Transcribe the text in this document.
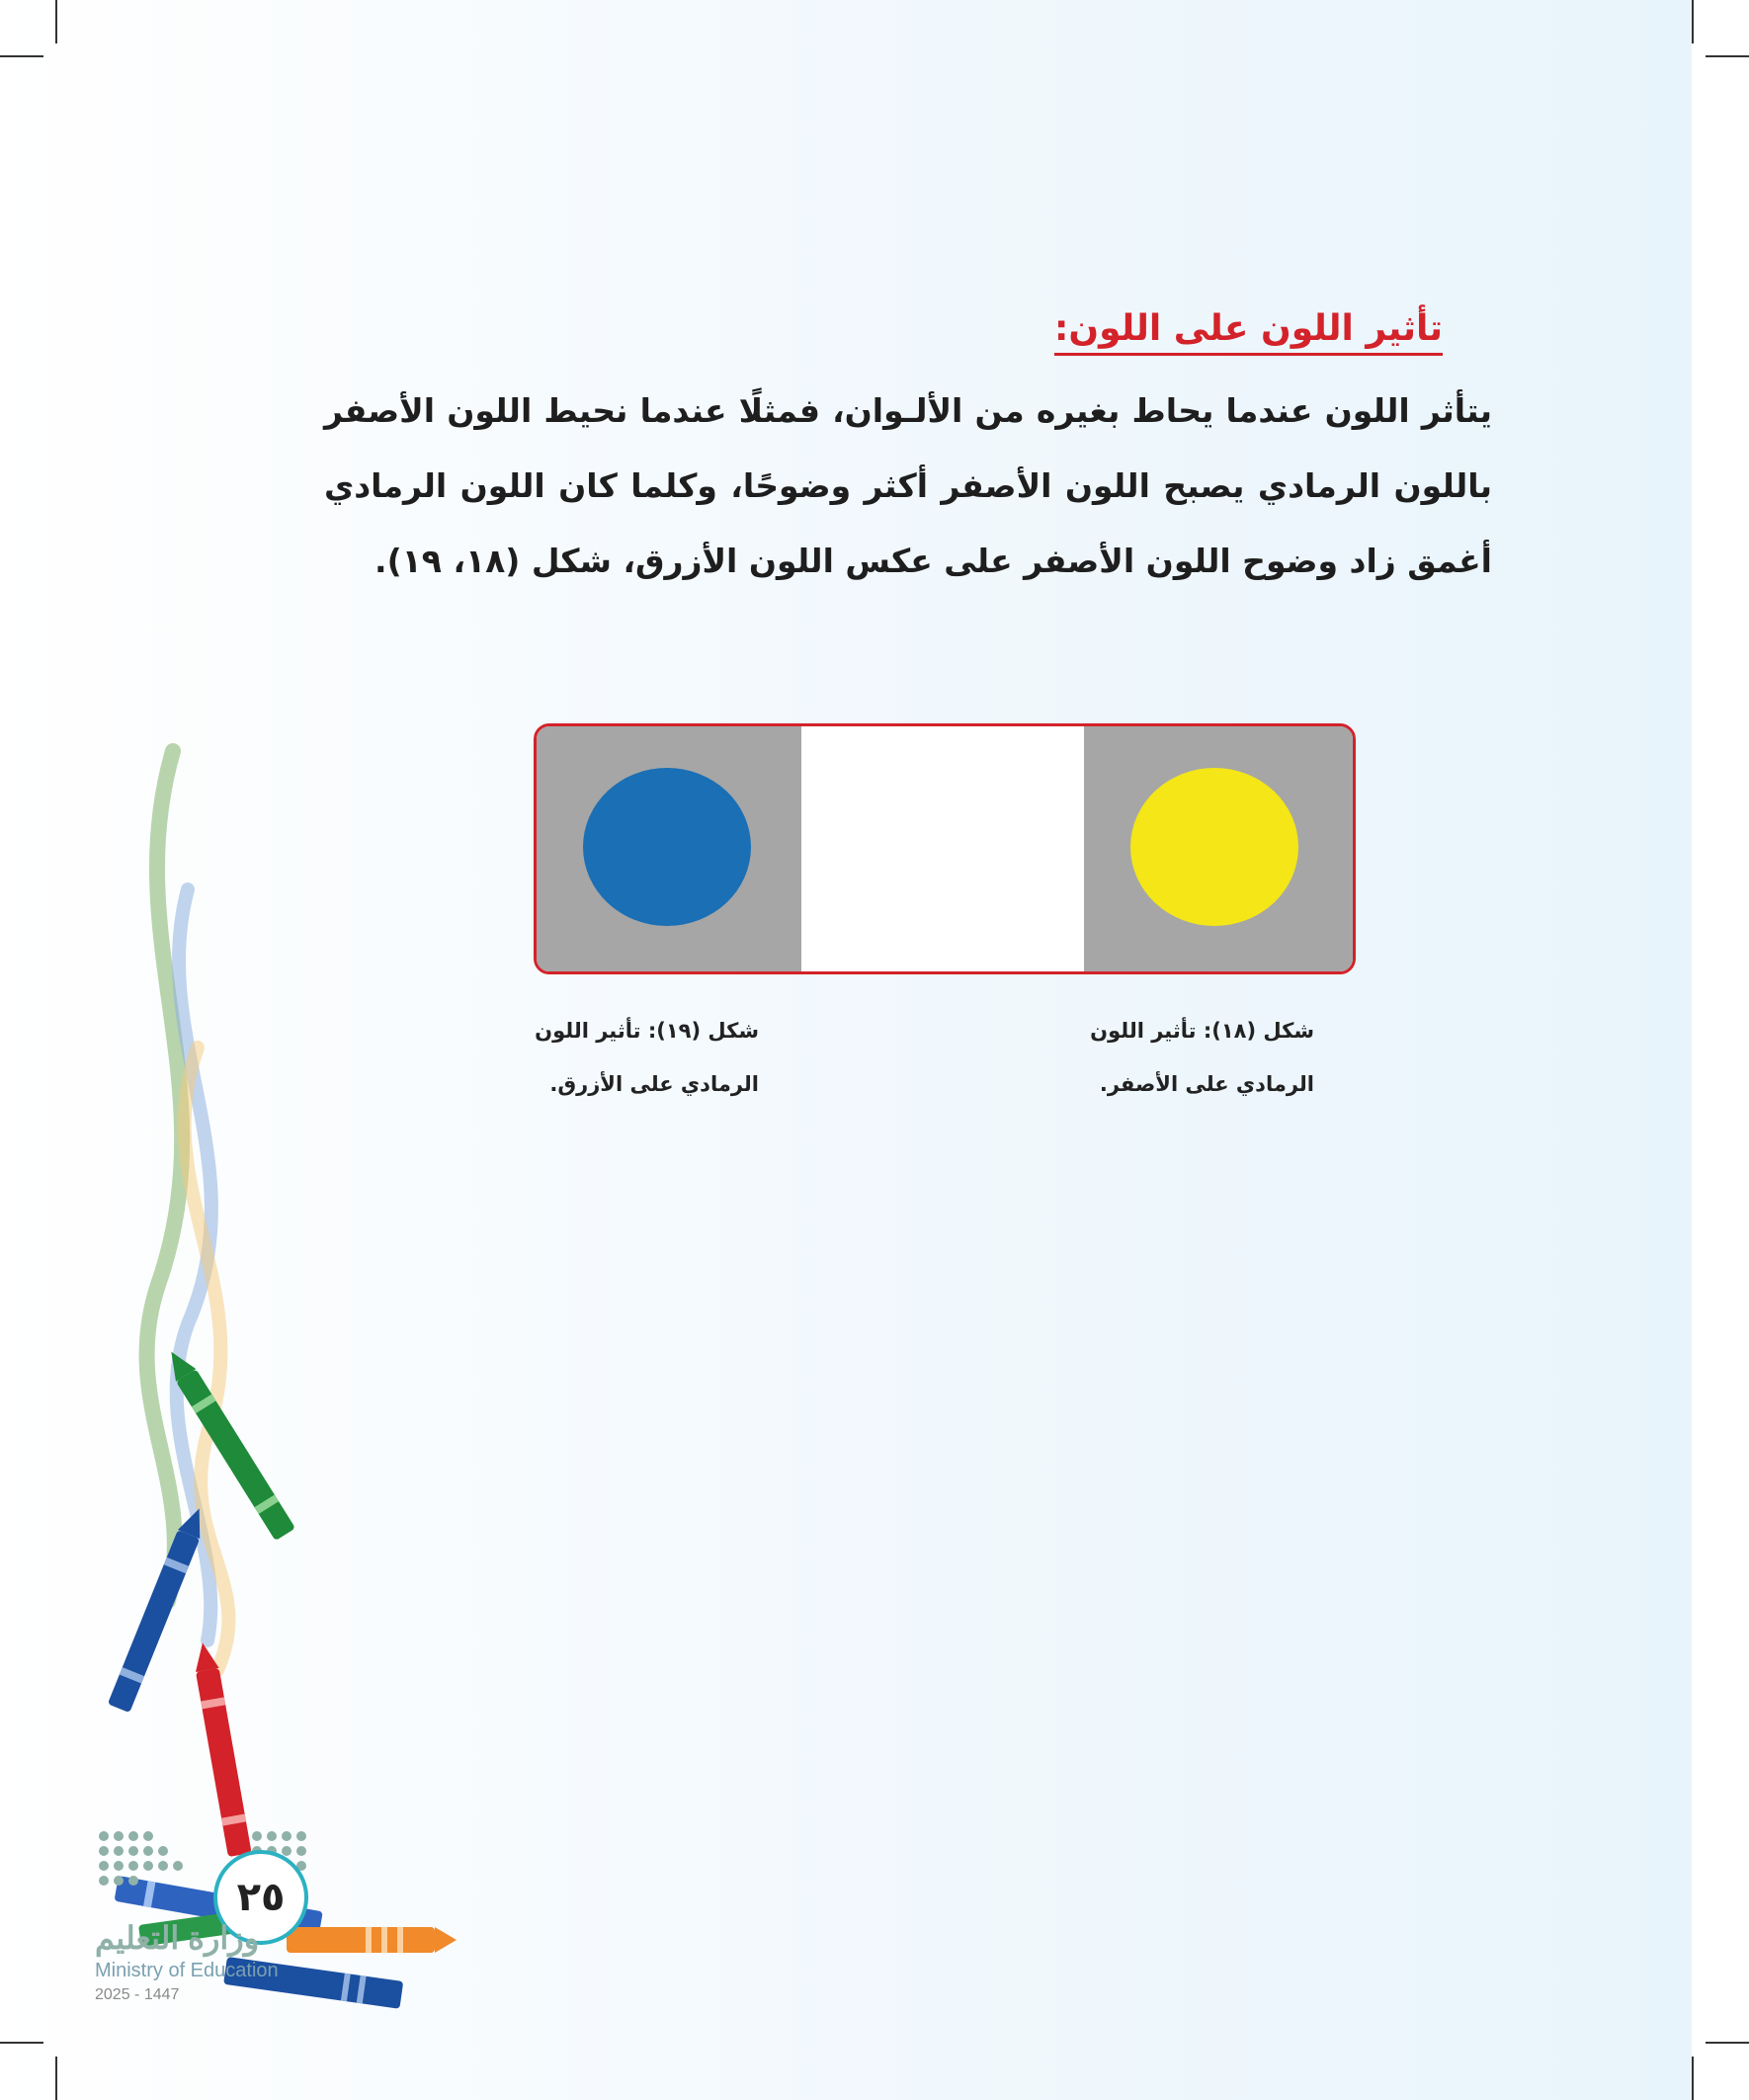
تأثير اللون على اللون:
يتأثر اللون عندما يحاط بغيره من الألـوان، فمثلًا عندما نحيط اللون الأصفر باللون الرمادي يصبح اللون الأصفر أكثر وضوحًا، وكلما كان اللون الرمادي أغمق زاد وضوح اللون الأصفر على عكس اللون الأزرق، شكل (١٨، ١٩).
شكل (١٩): تأثير اللون
الرمادي على الأزرق.
شكل (١٨): تأثير اللون
الرمادي على الأصفر.
٢٥
وزارة التعليم
Ministry of Education
2025 - 1447
